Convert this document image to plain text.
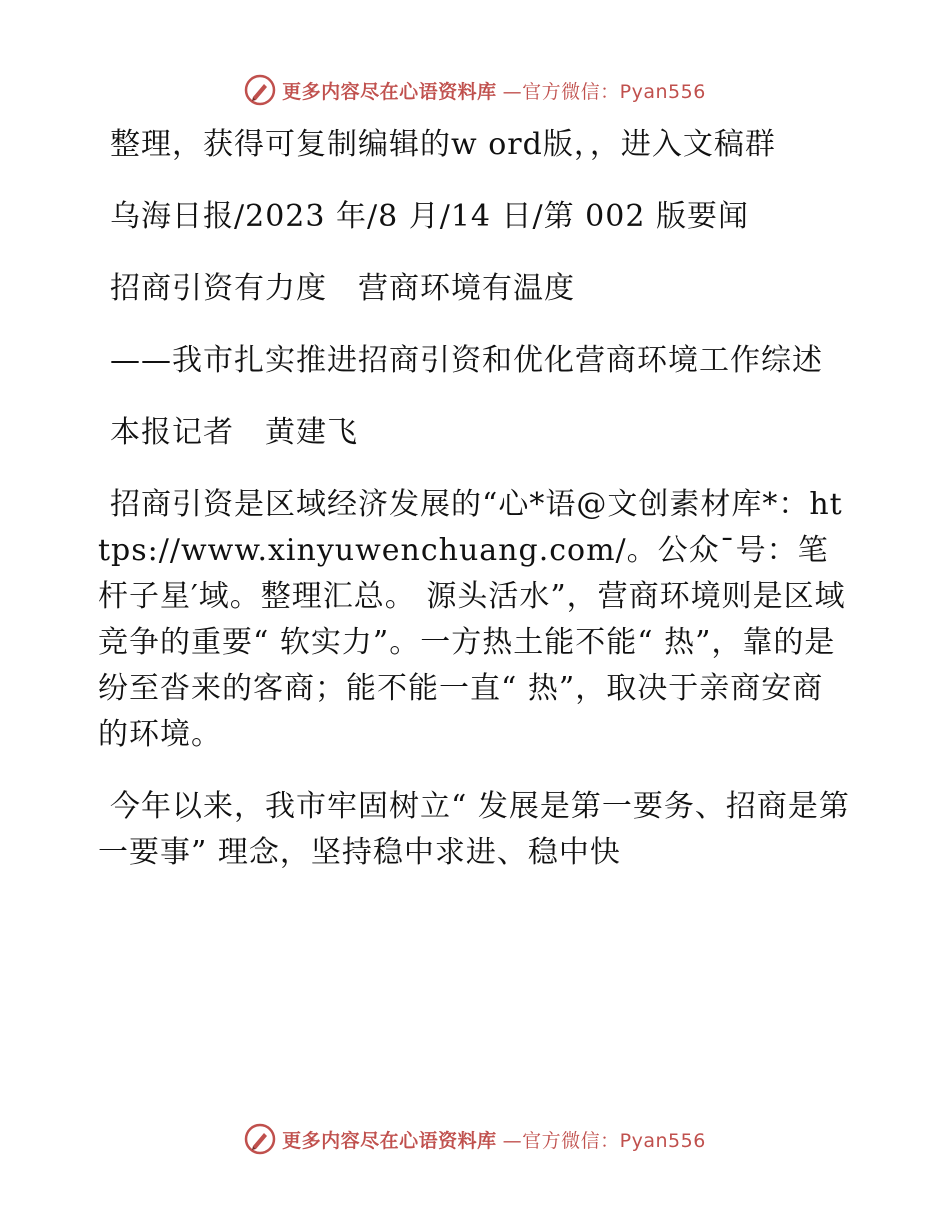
更多内容尽在心语资料库 —官方微信：Pyan556

整理，获得可复制编辑的w ord版，，进入文稿群

乌海日报/2023 年/8 月/14 日/第 002 版要闻

招商引资有力度　营商环境有温度

——我市扎实推进招商引资和优化营商环境工作综述

本报记者　黄建飞

招商引资是区域经济发展的“心*语@文创素材库*：https://www.xinyuwenchuang.com/。公众¯号：笔杆子星′域。整理汇总。 源头活水”，营商环境则是区域竞争的重要“ 软实力”。一方热土能不能“ 热”，靠的是纷至沓来的客商；能不能一直“ 热”，取决于亲商安商的环境。

今年以来，我市牢固树立“ 发展是第一要务、招商是第一要事” 理念，坚持稳中求进、稳中快

更多内容尽在心语资料库 —官方微信：Pyan556
